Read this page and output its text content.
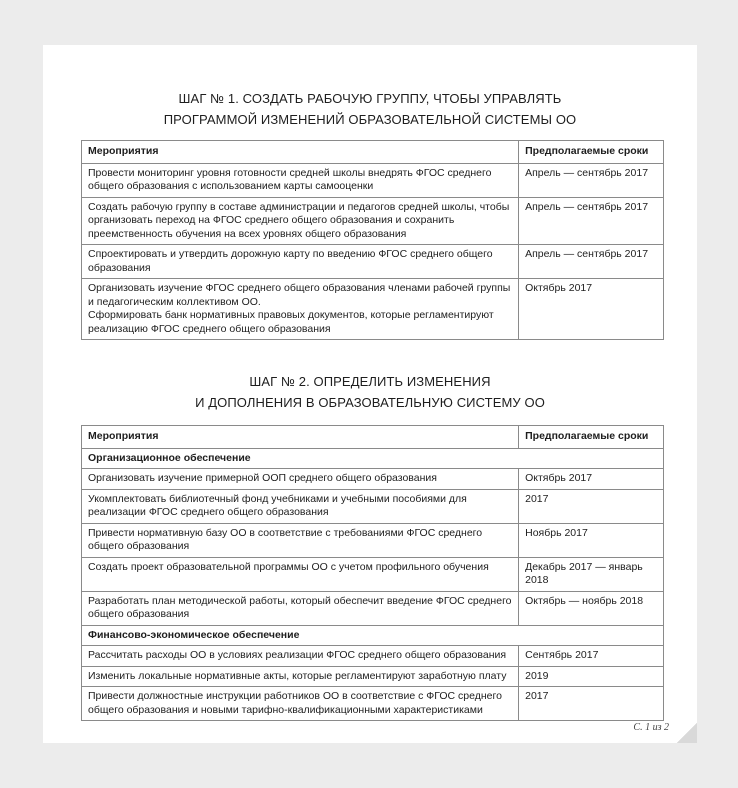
ШАГ № 1. СОЗДАТЬ РАБОЧУЮ ГРУППУ, ЧТОБЫ УПРАВЛЯТЬ
ПРОГРАММОЙ ИЗМЕНЕНИЙ ОБРАЗОВАТЕЛЬНОЙ СИСТЕМЫ ОО
Мероприятия	Предполагаемые сроки
Провести мониторинг уровня готовности средней школы внедрять ФГОС среднего общего образования с использованием карты самооценки	Апрель — сентябрь 2017
Создать рабочую группу в составе администрации и педагогов средней школы, чтобы организовать переход на ФГОС среднего общего образования и сохранить преемственность обучения на всех уровнях общего образования	Апрель — сентябрь 2017
Спроектировать и утвердить дорожную карту по введению ФГОС среднего общего образования	Апрель — сентябрь 2017

Организовать изучение ФГОС среднего общего образования членами рабочей группы и педагогическим коллективом ОО.
Сформировать банк нормативных правовых документов, которые регламентируют реализацию ФГОС среднего общего образования	Октябрь 2017
ШАГ № 2. ОПРЕДЕЛИТЬ ИЗМЕНЕНИЯ
И ДОПОЛНЕНИЯ В ОБРАЗОВАТЕЛЬНУЮ СИСТЕМУ ОО
Мероприятия	Предполагаемые сроки
Организационное обеспечение	
Организовать изучение примерной ООП среднего общего образования	Октябрь 2017
Укомплектовать библиотечный фонд учебниками и учебными пособиями для реализации ФГОС среднего общего образования	2017
Привести нормативную базу ОО в соответствие с требованиями ФГОС среднего общего образования	Ноябрь 2017
Создать проект образовательной программы ОО с учетом профильного обучения	Декабрь 2017 — январь 2018
Разработать план методической работы, который обеспечит введение ФГОС среднего общего образования	Октябрь — ноябрь 2018
Финансово-экономическое обеспечение	
Рассчитать расходы ОО в условиях реализации ФГОС среднего общего образования	Сентябрь 2017
Изменить локальные нормативные акты, которые регламентируют заработную плату	2019
Привести должностные инструкции работников ОО в соответствие с ФГОС среднего общего образования и новыми тарифно-квалификационными характеристиками	2017
С. 1 из 2
